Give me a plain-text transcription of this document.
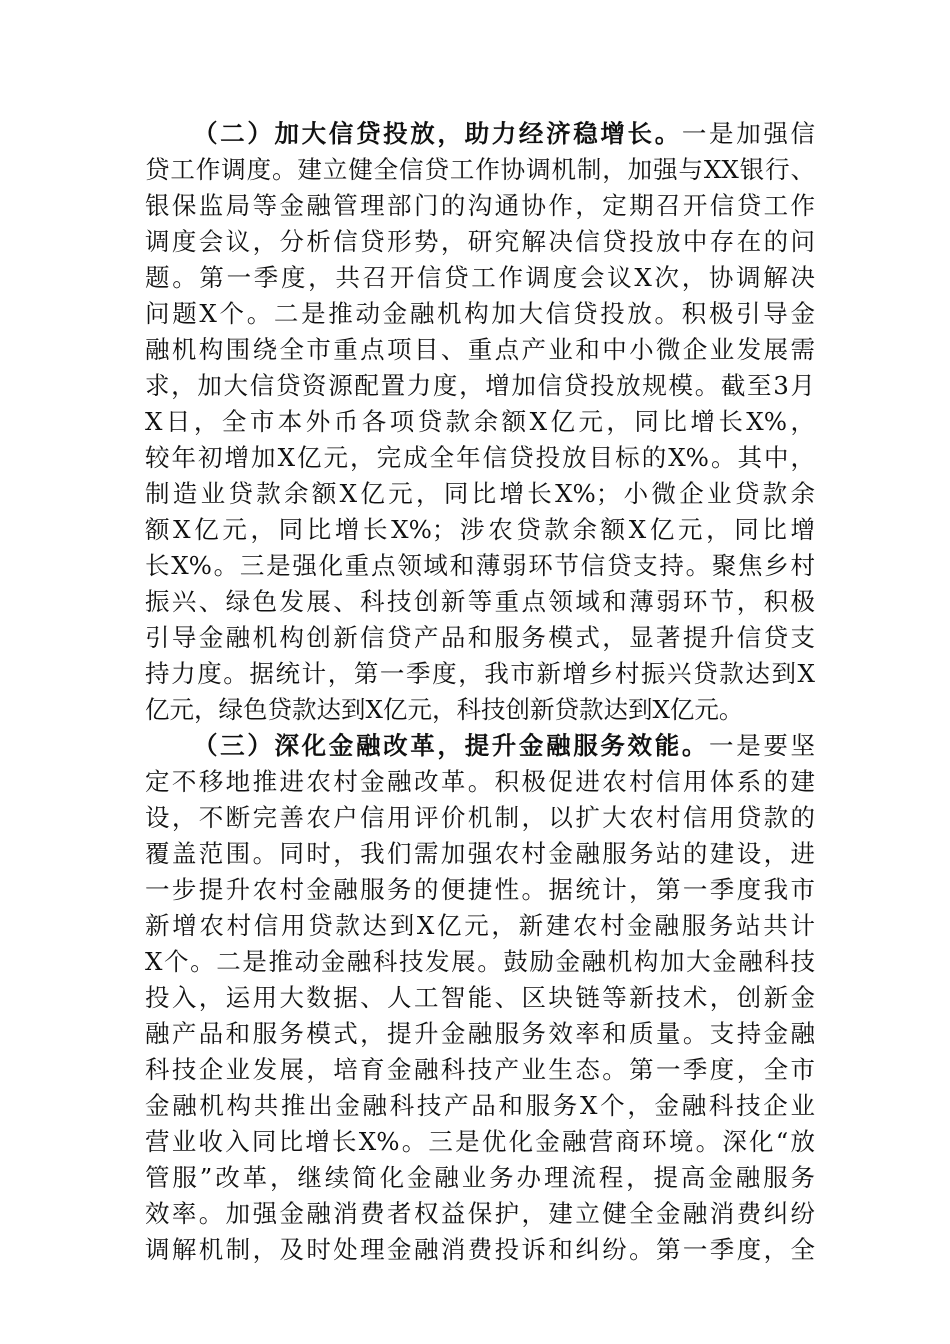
（二）加大信贷投放，助力经济稳增长。一是加强信
贷工作调度。建立健全信贷工作协调机制，加强与XX银行、
银保监局等金融管理部门的沟通协作，定期召开信贷工作
调度会议，分析信贷形势，研究解决信贷投放中存在的问
题。第一季度，共召开信贷工作调度会议X次，协调解决
问题X个。二是推动金融机构加大信贷投放。积极引导金
融机构围绕全市重点项目、重点产业和中小微企业发展需
求，加大信贷资源配置力度，增加信贷投放规模。截至3月
X日，全市本外币各项贷款余额X亿元，同比增长X%，
较年初增加X亿元，完成全年信贷投放目标的X%。其中，
制造业贷款余额X亿元，同比增长X%；小微企业贷款余
额X亿元，同比增长X%；涉农贷款余额X亿元，同比增
长X%。三是强化重点领域和薄弱环节信贷支持。聚焦乡村
振兴、绿色发展、科技创新等重点领域和薄弱环节，积极
引导金融机构创新信贷产品和服务模式，显著提升信贷支
持力度。据统计，第一季度，我市新增乡村振兴贷款达到X
亿元，绿色贷款达到X亿元，科技创新贷款达到X亿元。
（三）深化金融改革，提升金融服务效能。一是要坚
定不移地推进农村金融改革。积极促进农村信用体系的建
设，不断完善农户信用评价机制，以扩大农村信用贷款的
覆盖范围。同时，我们需加强农村金融服务站的建设，进
一步提升农村金融服务的便捷性。据统计，第一季度我市
新增农村信用贷款达到X亿元，新建农村金融服务站共计
X个。二是推动金融科技发展。鼓励金融机构加大金融科技
投入，运用大数据、人工智能、区块链等新技术，创新金
融产品和服务模式，提升金融服务效率和质量。支持金融
科技企业发展，培育金融科技产业生态。第一季度，全市
金融机构共推出金融科技产品和服务X个，金融科技企业
营业收入同比增长X%。三是优化金融营商环境。深化“放
管服”改革，继续简化金融业务办理流程，提高金融服务
效率。加强金融消费者权益保护，建立健全金融消费纠纷
调解机制，及时处理金融消费投诉和纠纷。第一季度，全
